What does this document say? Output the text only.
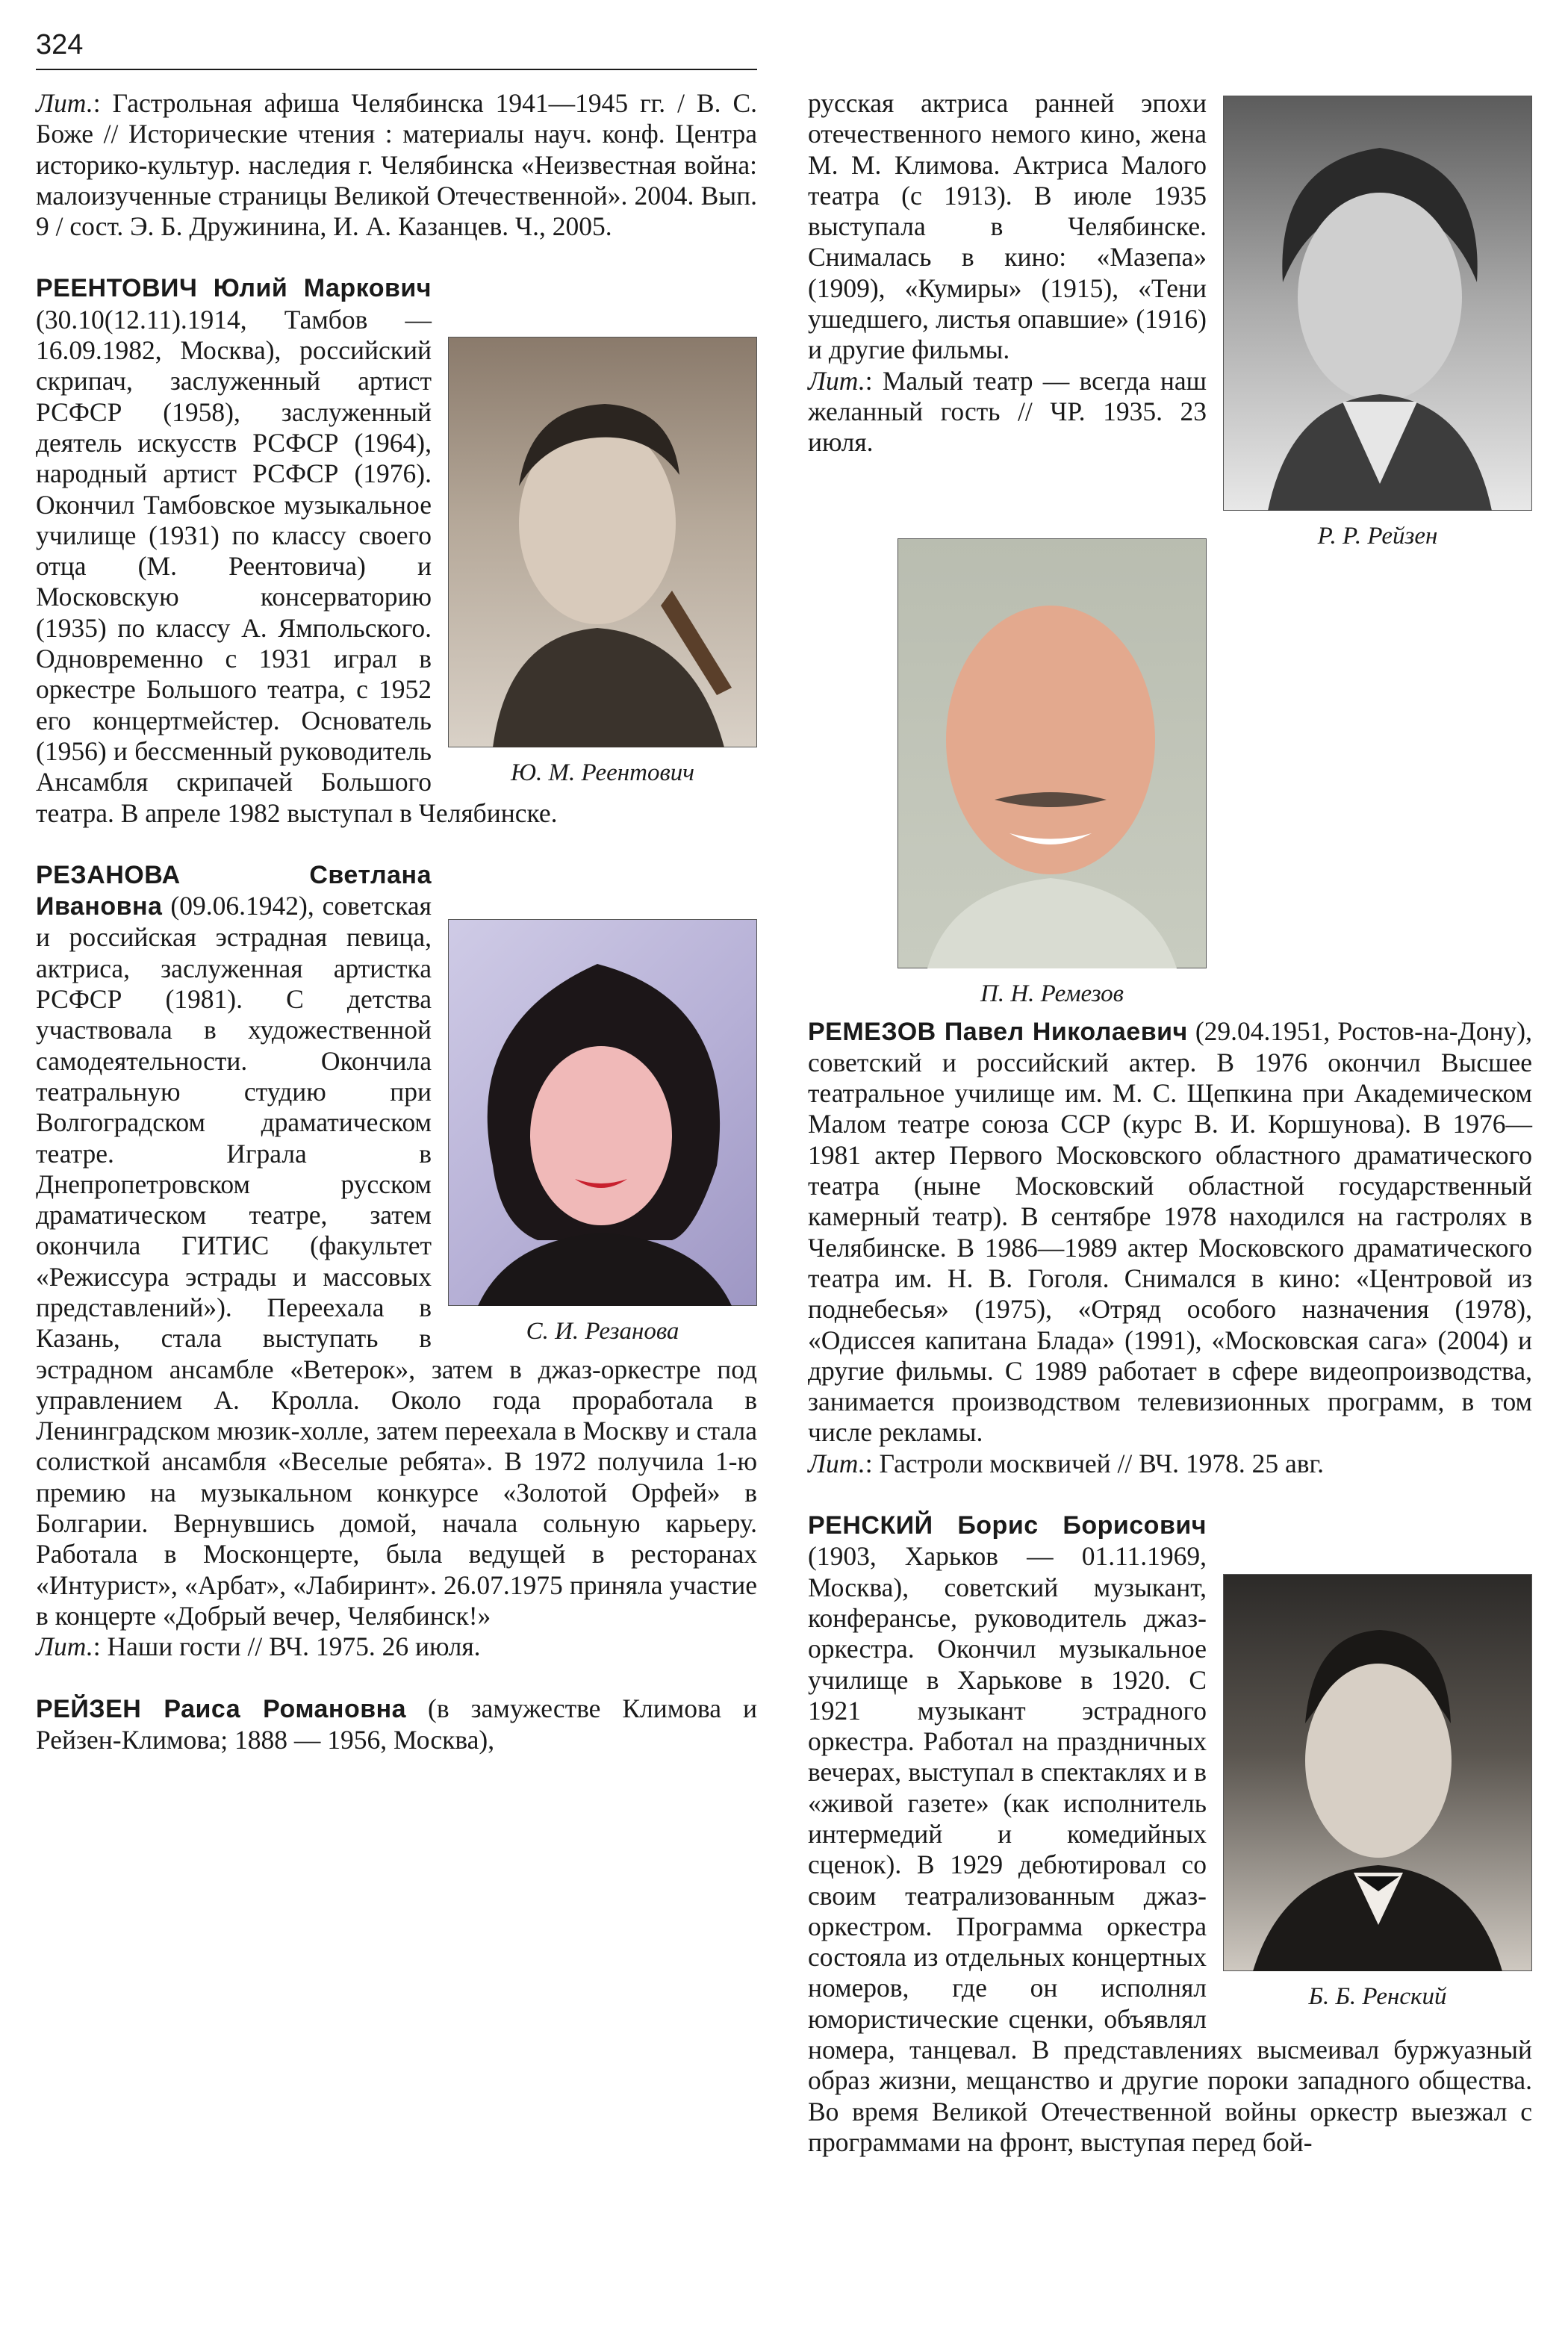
324

Лит.: Гастрольная афиша Челябинска 1941—1945 гг. / В. С. Боже // Исторические чтения : материалы науч. конф. Центра историко-культур. наследия г. Челябинска «Неизвестная война: малоизученные страницы Великой Отечественной». 2004. Вып. 9 / сост. Э. Б. Дружинина, И. А. Казанцев. Ч., 2005.

Ю. М. Реентович

РЕЕНТОВИЧ Юлий Маркович (30.10(12.11).1914, Тамбов — 16.09.1982, Москва), российский скрипач, заслуженный артист РСФСР (1958), заслуженный деятель искусств РСФСР (1964), народный артист РСФСР (1976). Окончил Тамбовское музыкальное училище (1931) по классу своего отца (М. Реентовича) и Московскую консерваторию (1935) по классу А. Ямпольского. Одновременно с 1931 играл в оркестре Большого театра, с 1952 его концертмейстер. Основатель (1956) и бессменный руководитель Ансамбля скрипачей Большого театра. В апреле 1982 выступал в Челябинске.

С. И. Резанова

РЕЗАНОВА Светлана Ивановна (09.06.1942), советская и российская эстрадная певица, актриса, заслуженная артистка РСФСР (1981). С детства участвовала в художественной самодеятельности. Окончила театральную студию при Волгоградском драматическом театре. Играла в Днепропетровском русском драматическом театре, затем окончила ГИТИС (факультет «Режиссура эстрады и массовых представлений»). Переехала в Казань, стала выступать в эстрадном ансамбле «Ветерок», затем в джаз-оркестре под управлением А. Кролла. Около года проработала в Ленинградском мюзик-холле, затем переехала в Москву и стала солисткой ансамбля «Веселые ребята». В 1972 получила 1-ю премию на музыкальном конкурсе «Золотой Орфей» в Болгарии. Вернувшись домой, начала сольную карьеру. Работала в Москонцерте, была ведущей в ресторанах «Интурист», «Арбат», «Лабиринт». 26.07.1975 приняла участие в концерте «Добрый вечер, Челябинск!»

Лит.: Наши гости // ВЧ. 1975. 26 июля.

РЕЙЗЕН Раиса Романовна (в замужестве Климова и Рейзен-Климова; 1888 — 1956, Москва),

Р. Р. Рейзен

русская актриса ранней эпохи отечественного немого кино, жена М. М. Климова. Актриса Малого театра (с 1913). В июле 1935 выступала в Челябинске. Снималась в кино: «Мазепа» (1909), «Кумиры» (1915), «Тени ушедшего, листья опавшие» (1916) и другие фильмы.

Лит.: Малый театр — всегда наш желанный гость // ЧР. 1935. 23 июля.

П. Н. Ремезов

РЕМЕЗОВ Павел Николаевич (29.04.1951, Ростов-на-Дону), советский и российский актер. В 1976 окончил Высшее театральное училище им. М. С. Щепкина при Академическом Малом театре союза ССР (курс В. И. Коршунова). В 1976—1981 актер Первого Московского областного драматического театра (ныне Московский областной государственный камерный театр). В сентябре 1978 находился на гастролях в Челябинске. В 1986—1989 актер Московского драматического театра им. Н. В. Гоголя. Снимался в кино: «Центровой из поднебесья» (1975), «Отряд особого назначения (1978), «Одиссея капитана Блада» (1991), «Московская сага» (2004) и другие фильмы. С 1989 работает в сфере видеопроизводства, занимается производством телевизионных программ, в том числе рекламы.

Лит.: Гастроли москвичей // ВЧ. 1978. 25 авг.

Б. Б. Ренский

РЕНСКИЙ Борис Борисович (1903, Харьков — 01.11.1969, Москва), советский музыкант, конферансье, руководитель джаз-оркестра. Окончил музыкальное училище в Харькове в 1920. С 1921 музыкант эстрадного оркестра. Работал на праздничных вечерах, выступал в спектаклях и в «живой газете» (как исполнитель интермедий и комедийных сценок). В 1929 дебютировал со своим театрализованным джаз-оркестром. Программа оркестра состояла из отдельных концертных номеров, где он исполнял юмористические сценки, объявлял номера, танцевал. В представлениях высмеивал буржуазный образ жизни, мещанство и другие пороки западного общества. Во время Великой Отечественной войны оркестр выезжал с программами на фронт, выступая перед бой-
